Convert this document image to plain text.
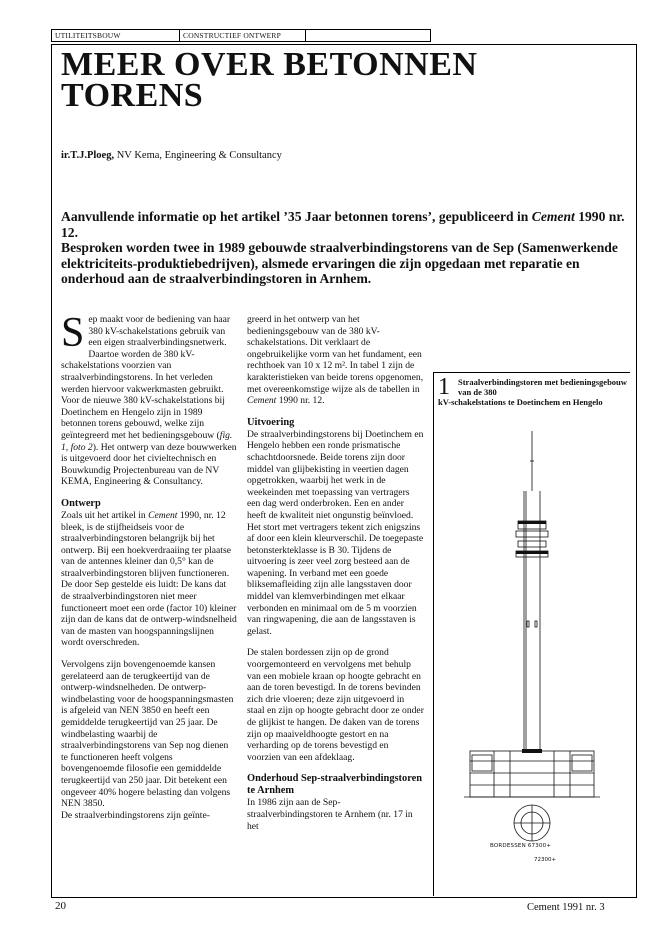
UTILITEITSBOUW	CONSTRUCTIEF ONTWERP
MEER OVER BETONNEN
TORENS
ir.T.J.Ploeg, NV Kema, Engineering & Consultancy

Aanvullende informatie op het artikel ’35 Jaar betonnen torens’, gepubliceerd in Cement 1990 nr. 12.

Besproken worden twee in 1989 gebouwde straalverbindingstorens van de Sep (Samenwerkende elektriciteits-produktiebedrijven), alsmede ervaringen die zijn opgedaan met reparatie en onderhoud aan de straalverbindingstoren in Arnhem.

Sep maakt voor de bediening van haar 380 kV-schakelstations gebruik van een eigen straalverbindingsnetwerk. Daartoe worden de 380 kV-schakelstations voorzien van straalverbindingstorens. In het verleden werden hiervoor vakwerkmasten gebruikt. Voor de nieuwe 380 kV-schakelstations bij Doetinchem en Hengelo zijn in 1989 betonnen torens gebouwd, welke zijn geïntegreerd met het bedieningsgebouw (fig. 1, foto 2). Het ontwerp van deze bouwwerken is uitgevoerd door het civieltechnisch en Bouwkundig Projectenbureau van de NV KEMA, Engineering & Consultancy.

Ontwerp

Zoals uit het artikel in Cement 1990, nr. 12 bleek, is de stijfheidseis voor de straalverbindingstoren belangrijk bij het ontwerp. Bij een hoekverdraaiing ter plaatse van de antennes kleiner dan 0,5° kan de straalverbindingstoren blijven functioneren. De door Sep gestelde eis luidt: De kans dat de straalverbindingstoren niet meer functioneert moet een orde (factor 10) kleiner zijn dan de kans dat de ontwerp-windsnelheid van de masten van hoogspanningslijnen wordt overschreden.

Vervolgens zijn bovengenoemde kansen gerelateerd aan de terugkeertijd van de ontwerp-windsnelheden. De ontwerp-windbelasting voor de hoogspanningsmasten is afgeleid van NEN 3850 en heeft een gemiddelde terugkeertijd van 25 jaar. De windbelasting waarbij de straalverbindingstorens van Sep nog dienen te functioneren heeft volgens bovengenoemde filosofie een gemiddelde terugkeertijd van 250 jaar. Dit betekent een ongeveer 40% hogere belasting dan volgens NEN 3850.

De straalverbindingstorens zijn geïnte-

greerd in het ontwerp van het bedieningsgebouw van de 380 kV-schakelstations. Dit verklaart de ongebruikelijke vorm van het fundament, een rechthoek van 10 x 12 m². In tabel 1 zijn de karakteristieken van beide torens opgenomen, met overeenkomstige wijze als de tabellen in Cement 1990 nr. 12.

Uitvoering

De straalverbindingstorens bij Doetinchem en Hengelo hebben een ronde prismatische schachtdoorsnede. Beide torens zijn door middel van glijbekisting in veertien dagen opgetrokken, waarbij het werk in de weekeinden met toepassing van vertragers een dag werd onderbroken. Een en ander heeft de kwaliteit niet ongunstig beïnvloed. Het stort met vertragers tekent zich enigszins af door een klein kleurverschil. De toegepaste betonsterkteklasse is B 30. Tijdens de uitvoering is zeer veel zorg besteed aan de wapening. In verband met een goede bliksemafleiding zijn alle langsstaven door middel van klemverbindingen met elkaar verbonden en minimaal om de 5 m voorzien van ringwapening, die aan de langsstaven is gelast.

De stalen bordessen zijn op de grond voorgemonteerd en vervolgens met behulp van een mobiele kraan op hoogte gebracht en aan de toren bevestigd. In de torens bevinden zich drie vloeren; deze zijn uitgevoerd in staal en zijn op hoogte gebracht door ze onder de glijkist te hangen. De daken van de torens zijn op maaiveldhoogte gestort en na verharding op de torens bevestigd en voorzien van een afdeklaag.

Onderhoud Sep-straalverbindingstoren te Arnhem

In 1986 zijn aan de Sep-straalverbindingstoren te Arnhem (nr. 17 in het

1 Straalverbindingstoren met bedieningsgebouw van de 380
kV-schakelstations te Doetinchem en Hengelo
BORDESSEN 67300+
72300+
20	Cement 1991 nr. 3
